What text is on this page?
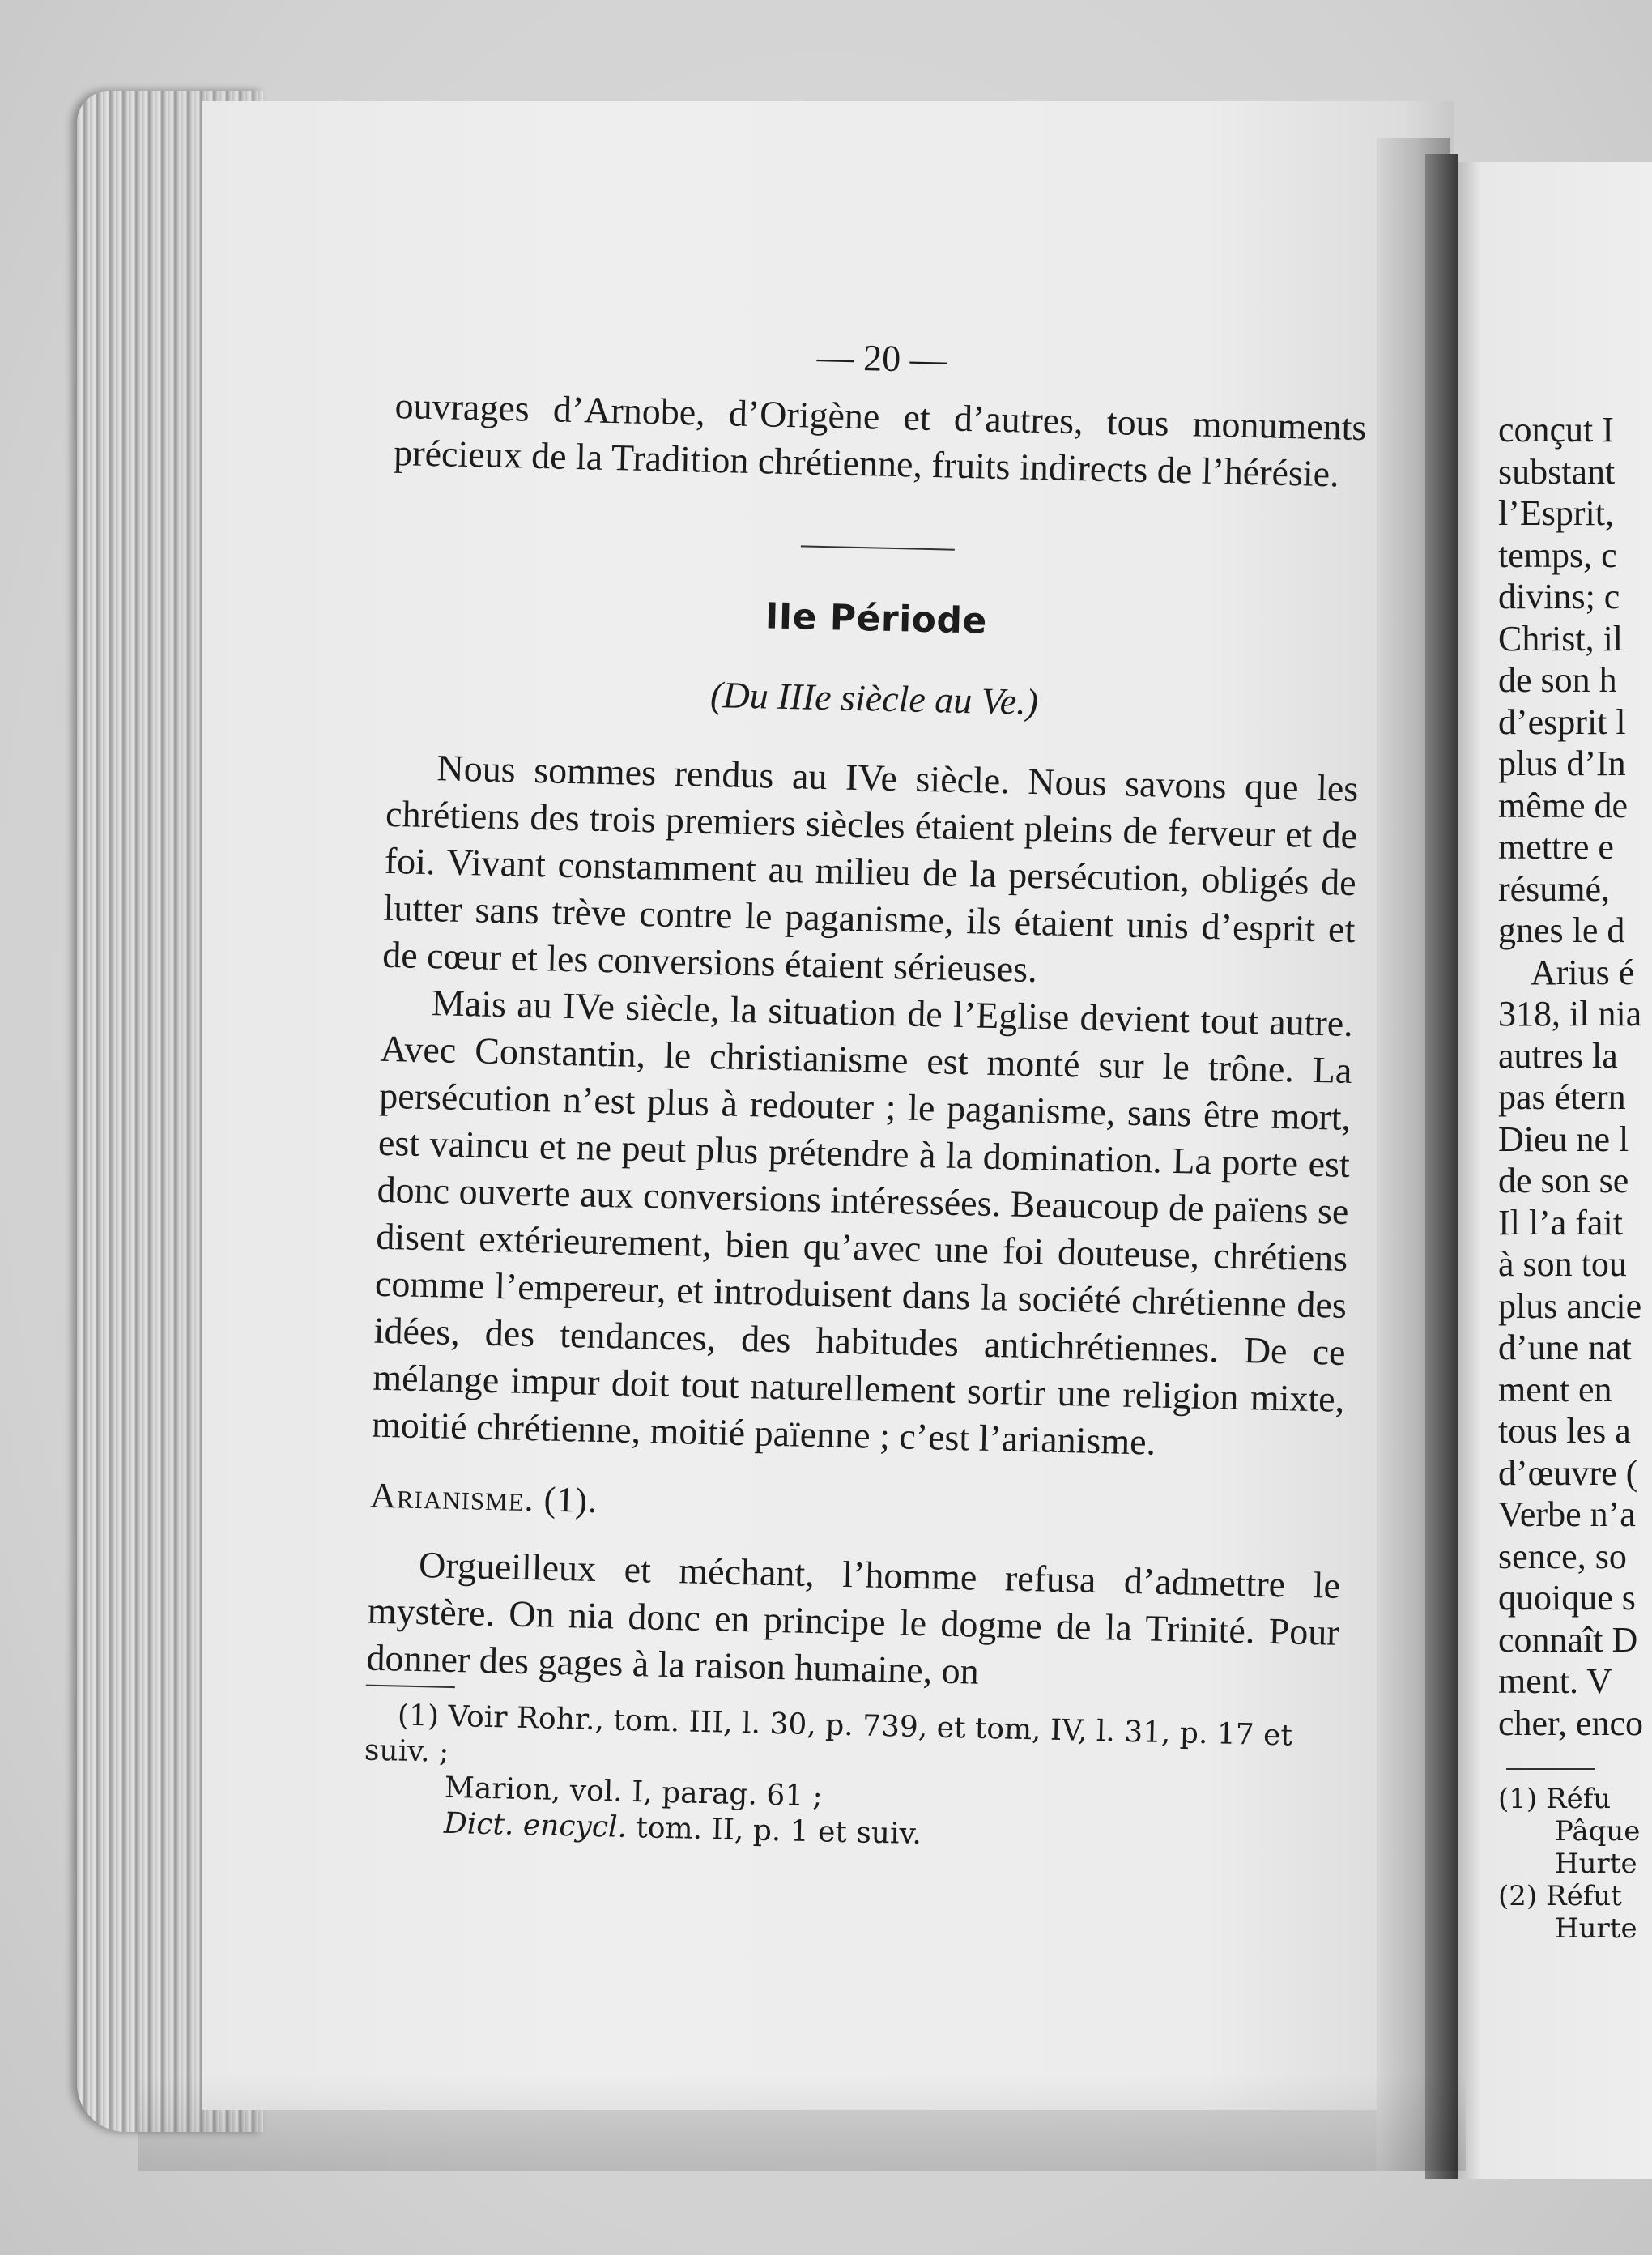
— 20 —

ouvrages d’Arnobe, d’Origène et d’autres, tous monuments précieux de la Tradition chrétienne, fruits indirects de l’hérésie.

IIe Période
(Du IIIe siècle au Ve.)

Nous sommes rendus au IVe siècle. Nous savons que les chrétiens des trois premiers siècles étaient pleins de ferveur et de foi. Vivant constamment au milieu de la persécution, obligés de lutter sans trève contre le paganisme, ils étaient unis d’esprit et de cœur et les conversions étaient sérieuses.

Mais au IVe siècle, la situation de l’Eglise devient tout autre. Avec Constantin, le christianisme est monté sur le trône. La persécution n’est plus à redouter ; le paganisme, sans être mort, est vaincu et ne peut plus prétendre à la domination. La porte est donc ouverte aux conversions intéressées. Beaucoup de païens se disent extérieurement, bien qu’avec une foi douteuse, chrétiens comme l’empereur, et introduisent dans la société chrétienne des idées, des tendances, des habitudes antichrétiennes. De ce mélange impur doit tout naturellement sortir une religion mixte, moitié chrétienne, moitié païenne ; c’est l’arianisme.

Arianisme. (1).

Orgueilleux et méchant, l’homme refusa d’admettre le mystère. On nia donc en principe le dogme de la Trinité. Pour donner des gages à la raison humaine, on

(1) Voir Rohr., tom. III, l. 30, p. 739, et tom, IV, l. 31, p. 17 et suiv. ;

Marion, vol. I, parag. 61 ;

Dict. encycl. tom. II, p. 1 et suiv.

conçut I

substant

l’Esprit,

temps, c

divins; c

Christ, il

de son h

d’esprit l

plus d’In

même de

mettre e

résumé,

gnes le d

Arius é

318, il nia

autres la

pas étern

Dieu ne l

de son se

Il l’a fait

à son tou

plus ancie

d’une nat

ment en

tous les a

d’œuvre (

Verbe n’a

sence, so

quoique s

connaît D

ment. V

cher, enco

(1) Réfu

Pâque

Hurte

(2) Réfut

Hurte
